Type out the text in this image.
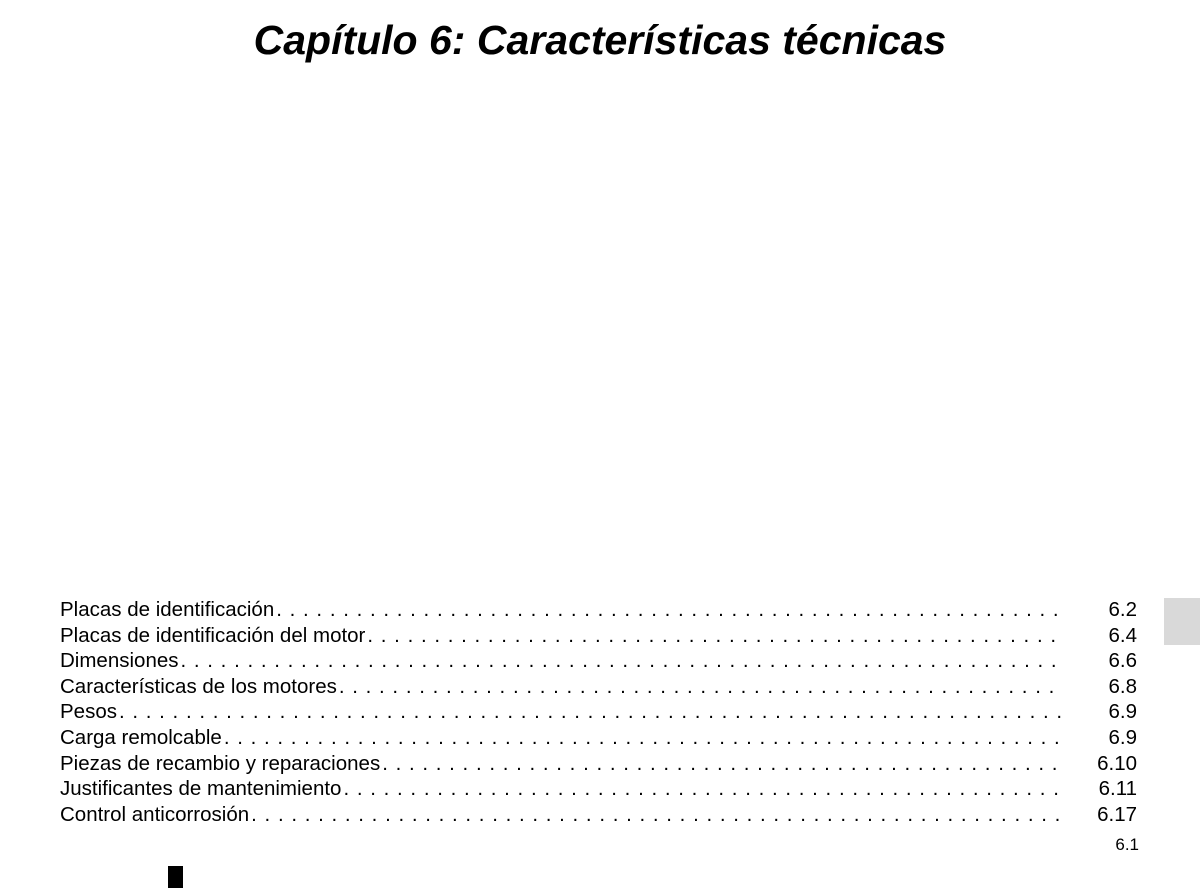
Capítulo 6: Características técnicas
Placas de identificación . . .	6.2
Placas de identificación del motor . . .	6.4
Dimensiones . . .	6.6
Características de los motores . . .	6.8
Pesos . . .	6.9
Carga remolcable . . .	6.9
Piezas de recambio y reparaciones . . .	6.10
Justificantes de mantenimiento . . .	6.11
Control anticorrosión . . .	6.17
6.1
